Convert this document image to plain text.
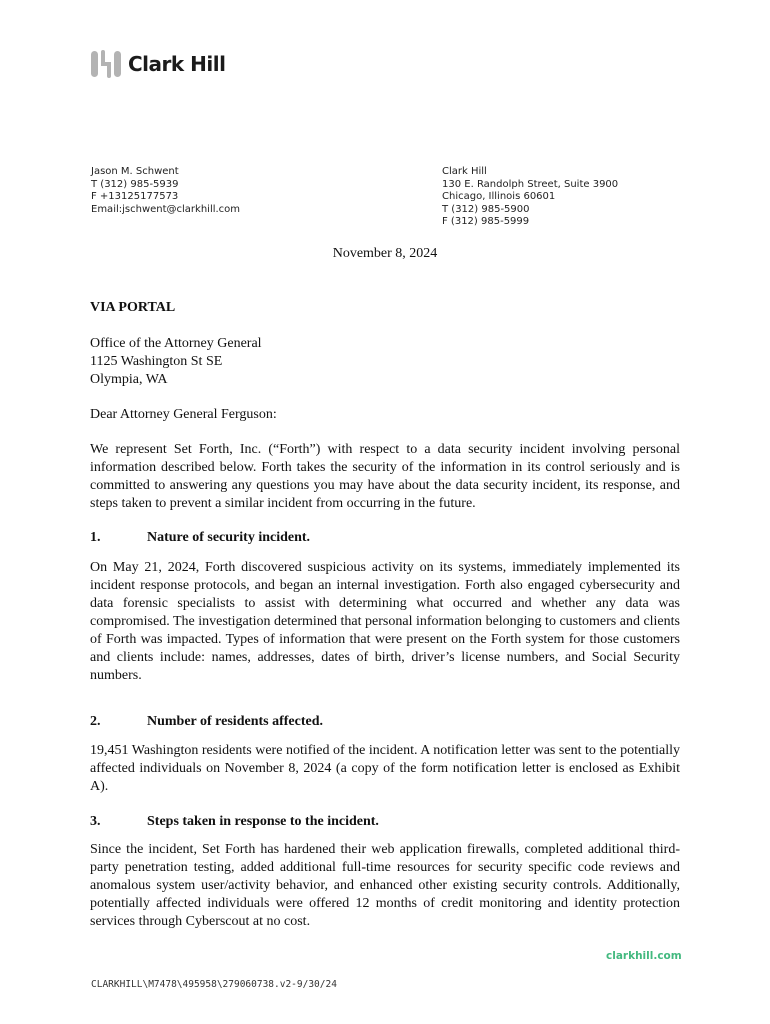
Clark Hill
Jason M. Schwent
T (312) 985-5939
F +13125177573
Email:jschwent@clarkhill.com
Clark Hill
130 E. Randolph Street, Suite 3900
Chicago, Illinois 60601
T (312) 985-5900
F (312) 985-5999
November 8, 2024
VIA PORTAL
Office of the Attorney General
1125 Washington St SE
Olympia, WA
Dear Attorney General Ferguson:

We represent Set Forth, Inc. (“Forth”) with respect to a data security incident involving personal information described below. Forth takes the security of the information in its control seriously and is committed to answering any questions you may have about the data security incident, its response, and steps taken to prevent a similar incident from occurring in the future.

1.	Nature of security incident.

On May 21, 2024, Forth discovered suspicious activity on its systems, immediately implemented its incident response protocols, and began an internal investigation. Forth also engaged cybersecurity and data forensic specialists to assist with determining what occurred and whether any data was compromised. The investigation determined that personal information belonging to customers and clients of Forth was impacted. Types of information that were present on the Forth system for those customers and clients include: names, addresses, dates of birth, driver’s license numbers, and Social Security numbers.

2.	Number of residents affected.

19,451 Washington residents were notified of the incident. A notification letter was sent to the potentially affected individuals on November 8, 2024 (a copy of the form notification letter is enclosed as Exhibit A).

3.	Steps taken in response to the incident.

Since the incident, Set Forth has hardened their web application firewalls, completed additional third-party penetration testing, added additional full-time resources for security specific code reviews and anomalous system user/activity behavior, and enhanced other existing security controls. Additionally, potentially affected individuals were offered 12 months of credit monitoring and identity protection services through Cyberscout at no cost.

clarkhill.com
CLARKHILL\M7478\495958\279060738.v2-9/30/24
